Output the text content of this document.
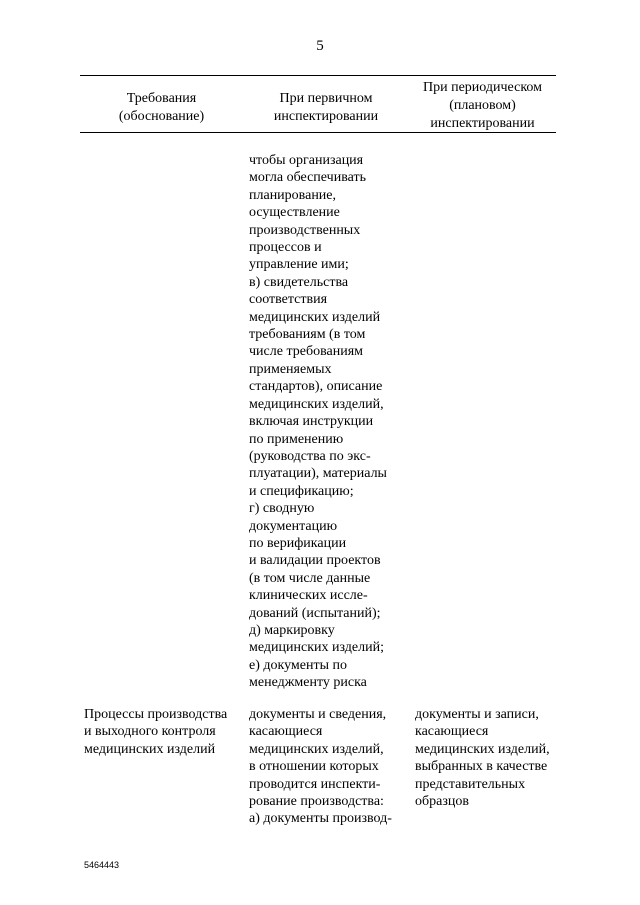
5
Требования
(обоснование)
При первичном
инспектировании
При периодическом
(плановом)
инспектировании
чтобы организация
могла обеспечивать
планирование,
осуществление
производственных
процессов и
управление ими;
в) свидетельства
соответствия
медицинских изделий
требованиям (в том
числе требованиям
применяемых
стандартов), описание
медицинских изделий,
включая инструкции
по применению
(руководства по экс-
плуатации), материалы
и спецификацию;
г) сводную
документацию
по верификации
и валидации проектов
(в том числе данные
клинических иссле-
дований (испытаний);
д) маркировку
медицинских изделий;
е) документы по
менеджменту риска
Процессы производства
и выходного контроля
медицинских изделий
документы и сведения,
касающиеся
медицинских изделий,
в отношении которых
проводится инспекти-
рование производства:
а) документы производ-
документы и записи,
касающиеся
медицинских изделий,
выбранных в качестве
представительных
образцов
5464443
